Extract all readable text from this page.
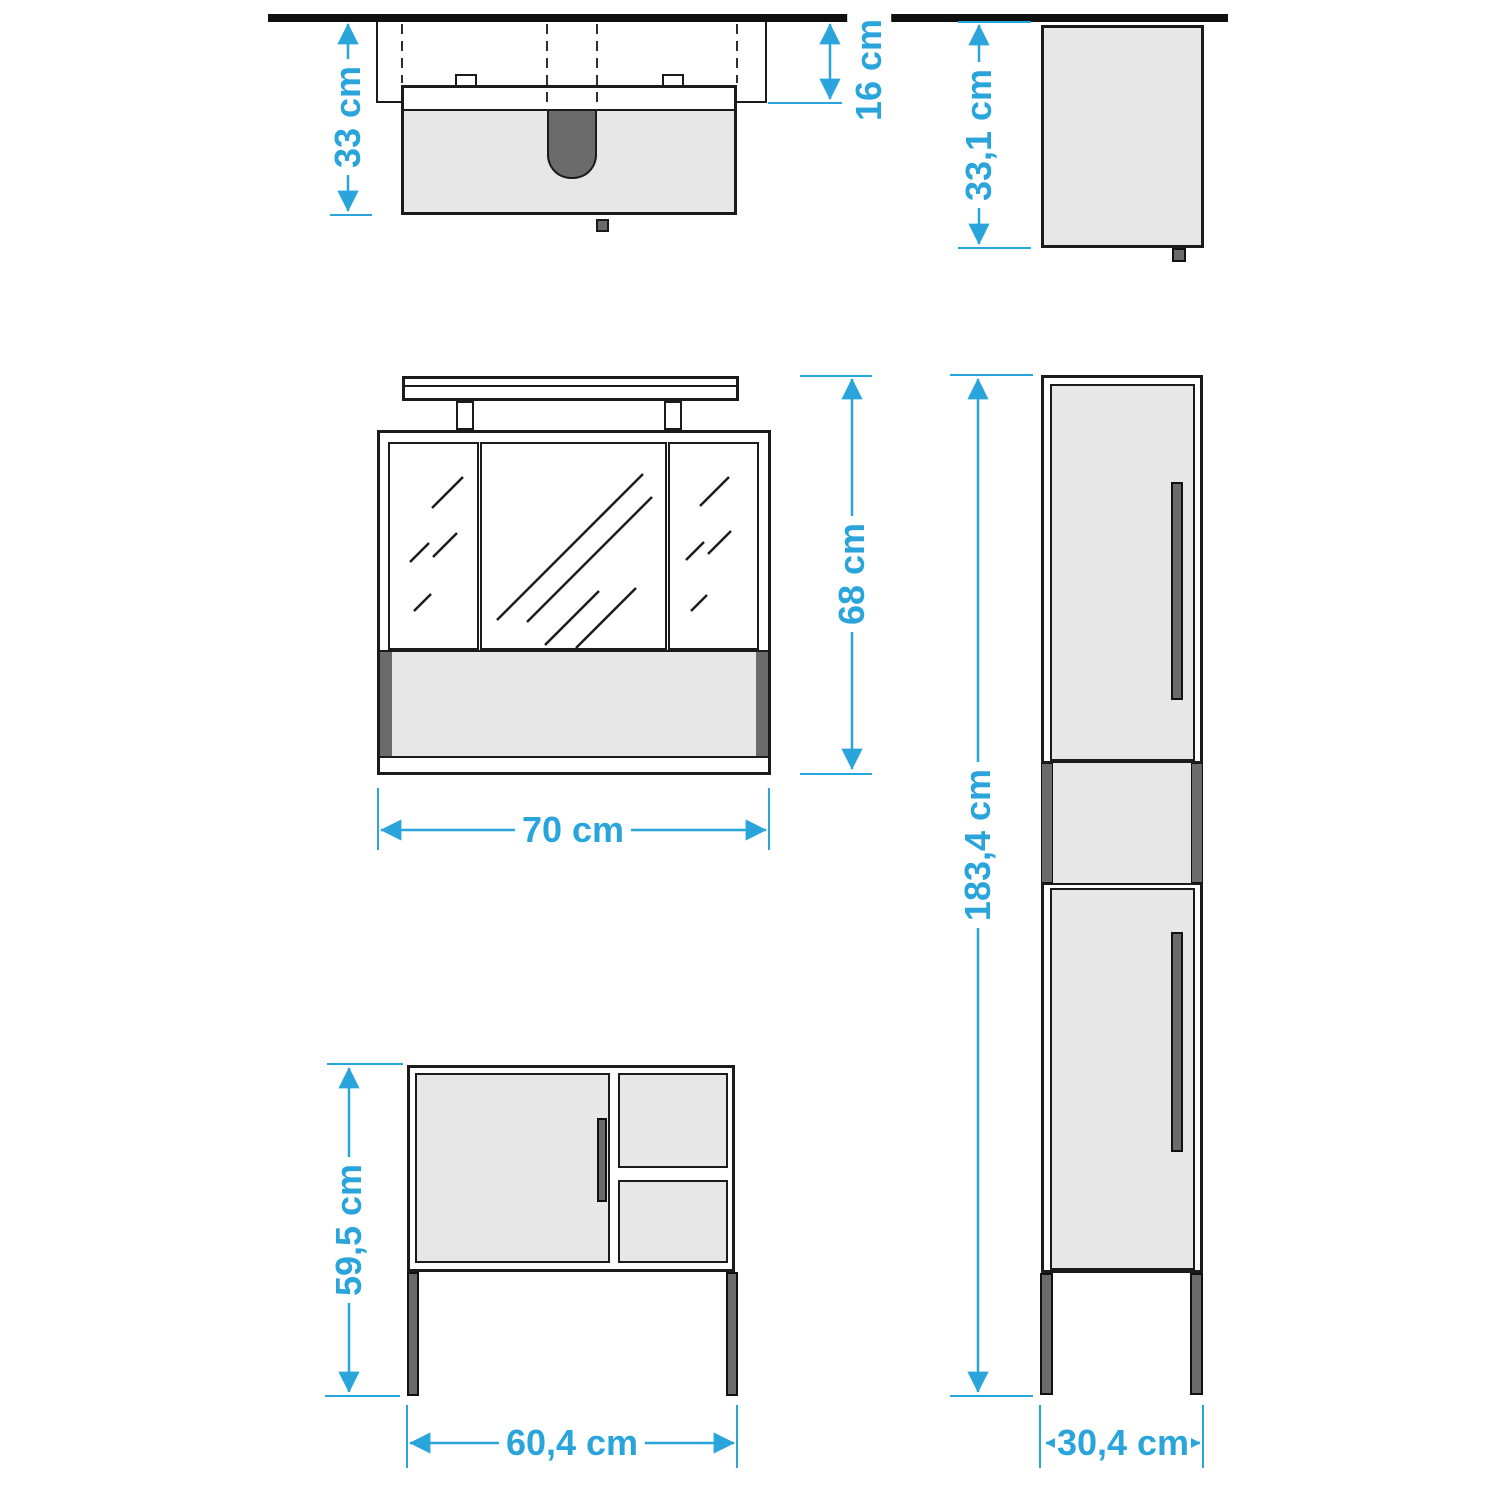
33 cm	16 cm 33,1 cm
68 cm
70 cm	183,4 cm
59,5 cm
60,4 cm	30,4 cm
